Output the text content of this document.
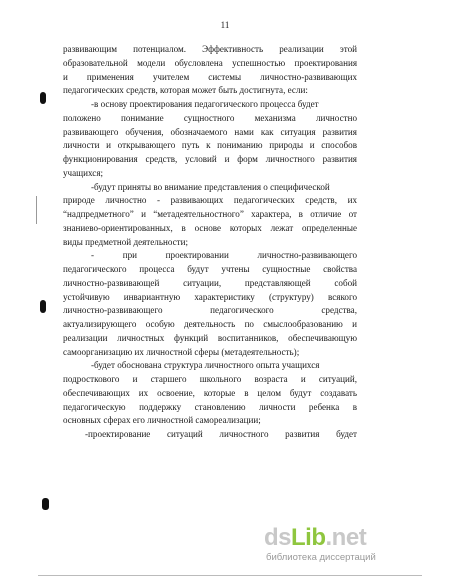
11
развивающим потенциалом. Эффективность реализации этой
образовательной модели обусловлена успешностью проектирования
и применения учителем системы личностно-развивающих
педагогических средств, которая может быть достигнута, если:
-в основу проектирования педагогического процесса будет
положено понимание сущностного механизма личностно
развивающего обучения, обозначаемого нами как ситуация развития
личности и открывающего путь к пониманию природы и способов
функционирования средств, условий и форм личностного развития
учащихся;
-будут приняты во внимание представления о специфической
природе личностно - развивающих педагогических средств, их
“надпредметного” и “метадеятельностного” характера, в отличие от
знаниево-ориентированных, в основе которых лежат определенные
виды предметной деятельности;
- при проектировании личностно-развивающего
педагогического процесса будут учтены сущностные свойства
личностно-развивающей ситуации, представляющей собой
устойчивую инвариантную характеристику (структуру) всякого
личностно-развивающего педагогического средства,
актуализирующего особую деятельность по смыслообразованию и
реализации личностных функций воспитанников, обеспечивающую
самоорганизацию их личностной сферы (метадеятельность);
-будет обоснована структура личностного опыта учащихся
подросткового и старшего школьного возраста и ситуаций,
обеспечивающих их освоение, которые в целом будут создавать
педагогическую поддержку становлению личности ребенка в
основных сферах его личностной самореализации;
-проектирование ситуаций личностного развития будет
dsLib.net
библиотека диссертаций
